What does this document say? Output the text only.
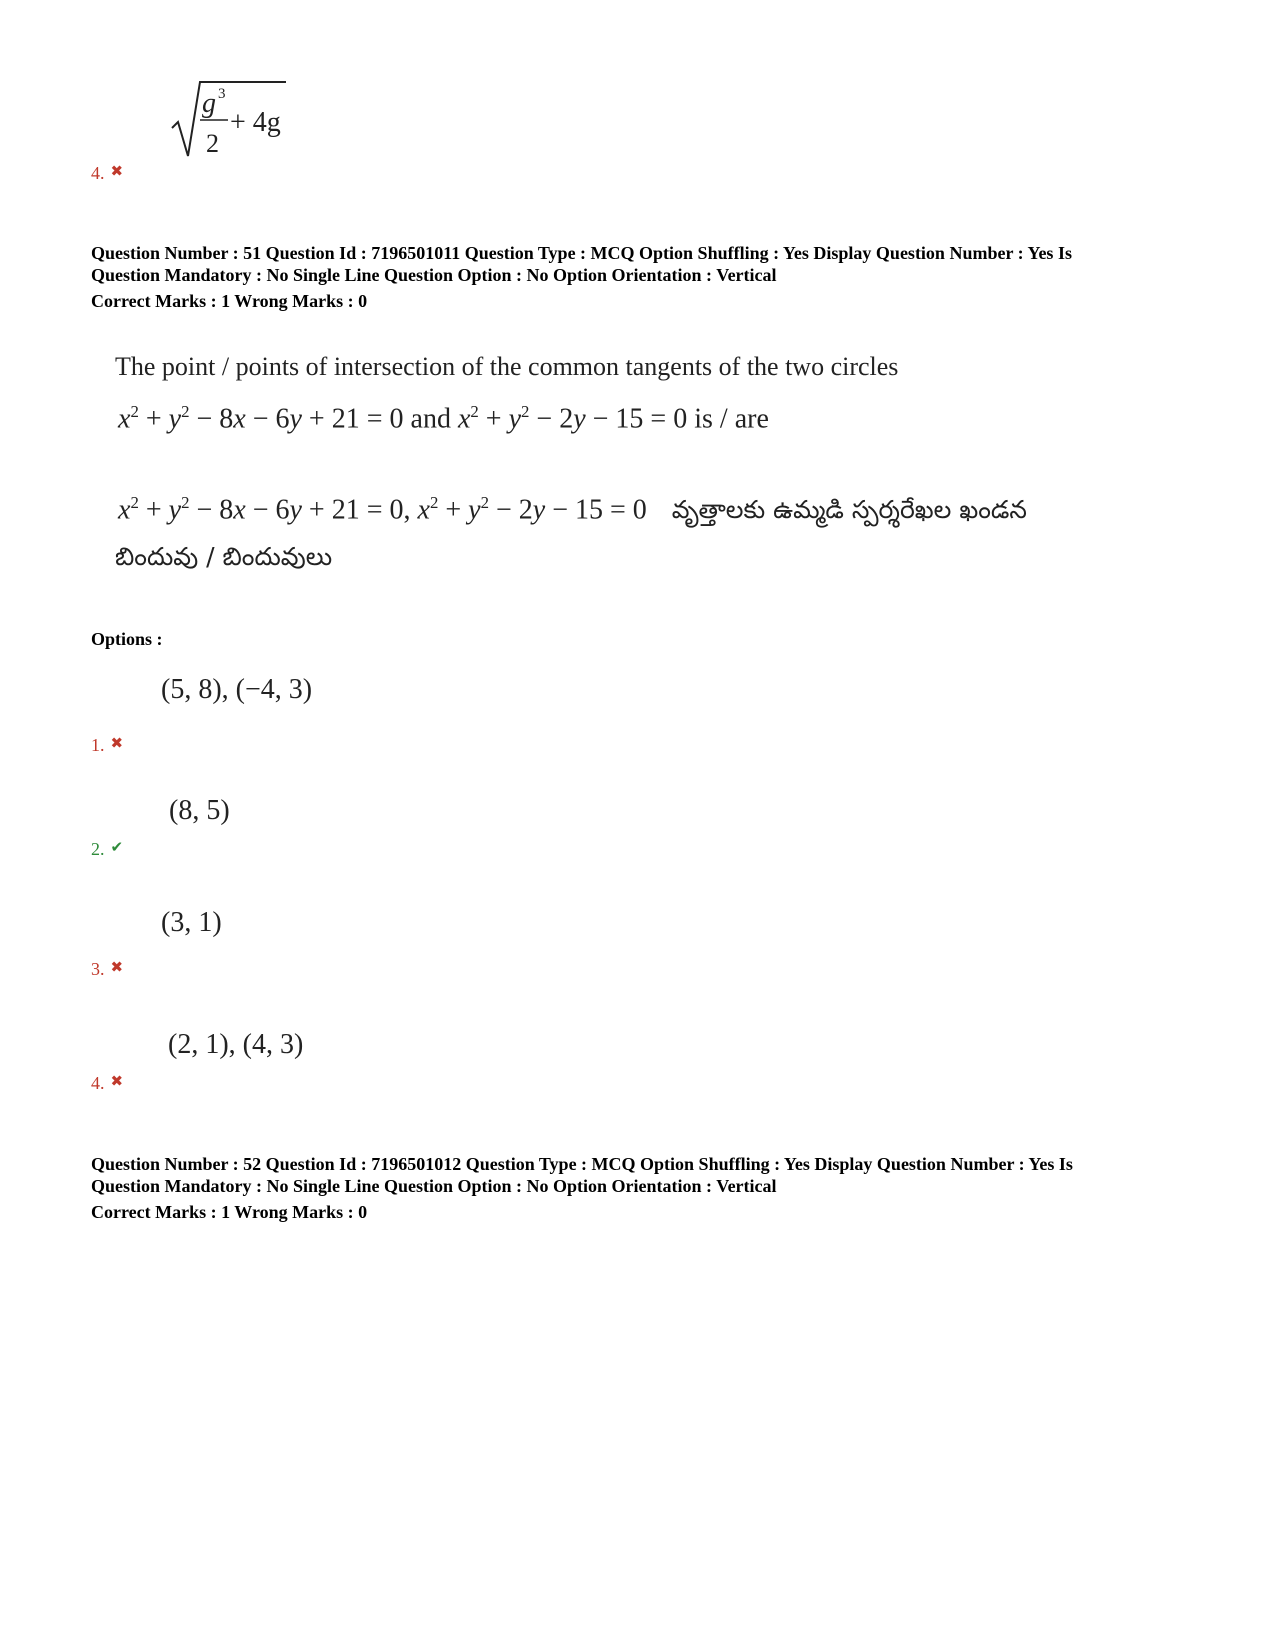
g 3
2
+ 4g
4. ✖
Question Number : 51 Question Id : 7196501011 Question Type : MCQ Option Shuffling : Yes Display Question Number : Yes Is
Question Mandatory : No Single Line Question Option : No Option Orientation : Vertical
Correct Marks : 1 Wrong Marks : 0
The point / points of intersection of the common tangents of the two circles
$x^2 + y^2 - 8x - 6y + 21 = 0$ and $x^2 + y^2 - 2y - 15 = 0$ is / are
$x^2 + y^2 - 8x - 6y + 21 = 0$, $x^2 + y^2 - 2y - 15 = 0$ వృత్తాలకు ఉమ్మడి స్పర్శరేఖల ఖండన
బిందువు / బిందువులు
Options :
(5, 8), (−4, 3)
1. ✖
(8, 5)
2. ✔
(3, 1)
3. ✖
(2, 1), (4, 3)
4. ✖
Question Number : 52 Question Id : 7196501012 Question Type : MCQ Option Shuffling : Yes Display Question Number : Yes Is
Question Mandatory : No Single Line Question Option : No Option Orientation : Vertical
Correct Marks : 1 Wrong Marks : 0
